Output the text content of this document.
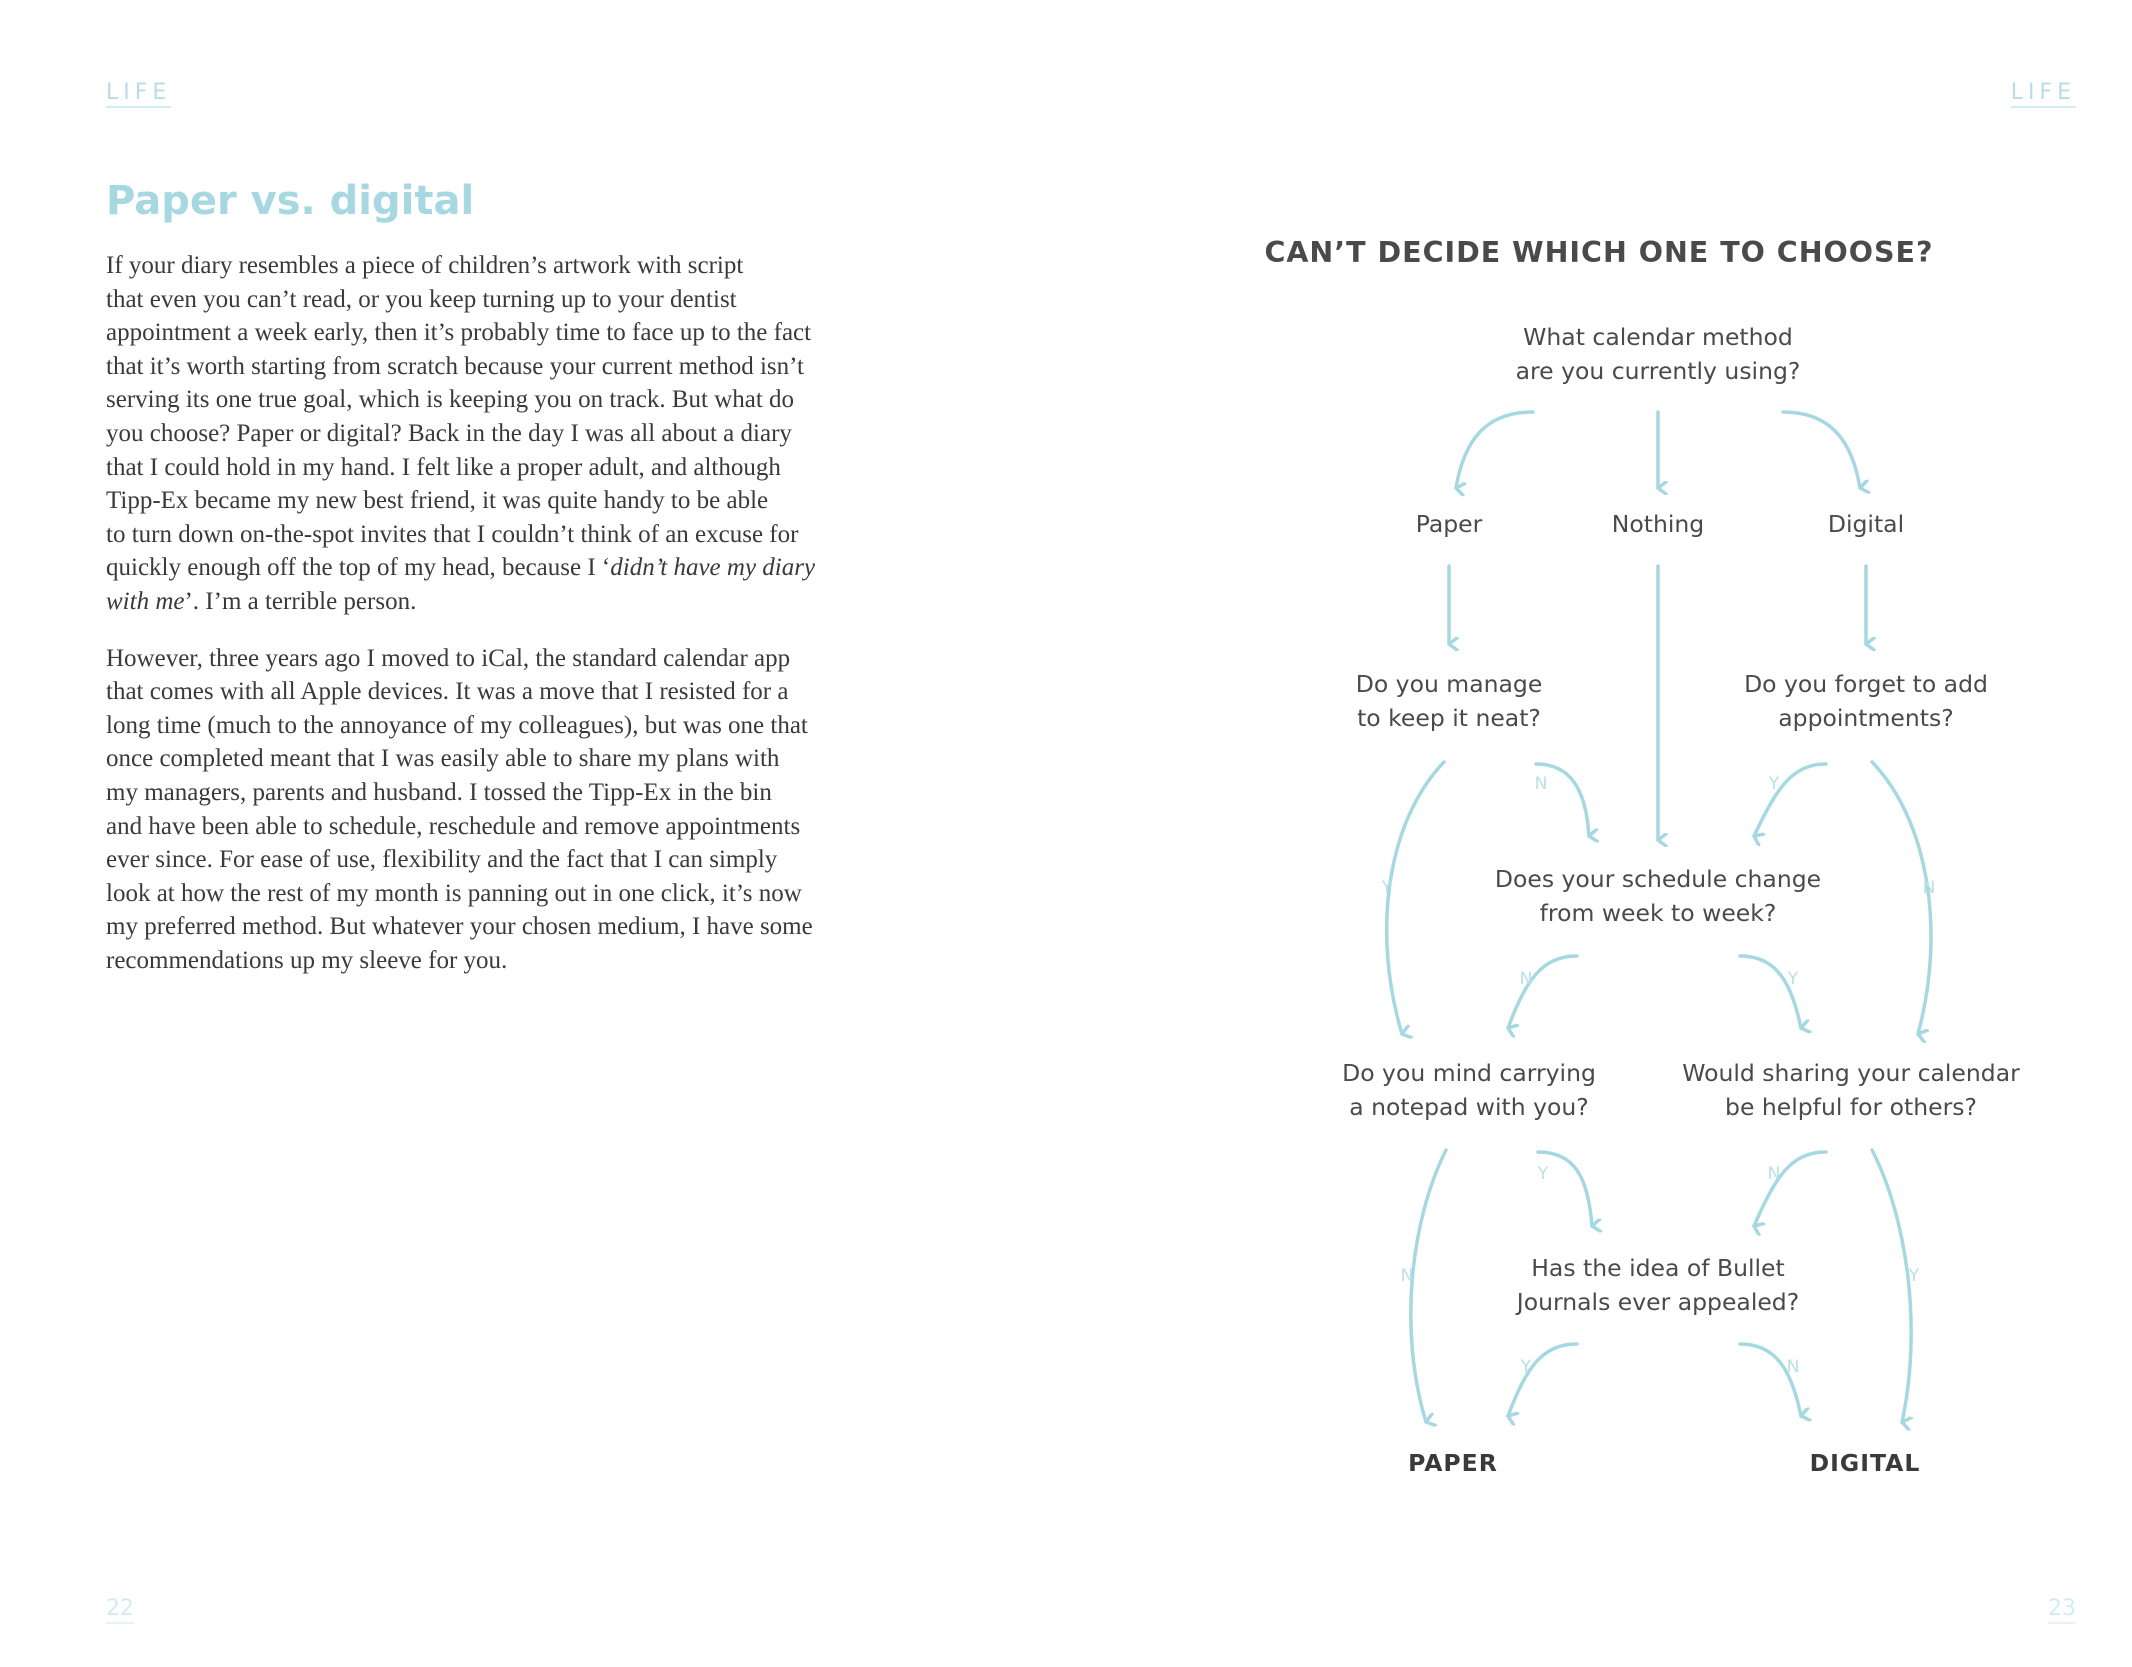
LIFE
Paper vs. digital

If your diary resembles a piece of children’s artwork with script
that even you can’t read, or you keep turning up to your dentist
appointment a week early, then it’s probably time to face up to the fact
that it’s worth starting from scratch because your current method isn’t
serving its one true goal, which is keeping you on track. But what do
you choose? Paper or digital? Back in the day I was all about a diary
that I could hold in my hand. I felt like a proper adult, and although
Tipp-Ex became my new best friend, it was quite handy to be able
to turn down on-the-spot invites that I couldn’t think of an excuse for
quickly enough off the top of my head, because I ‘didn’t have my diary
with me’. I’m a terrible person.

However, three years ago I moved to iCal, the standard calendar app
that comes with all Apple devices. It was a move that I resisted for a
long time (much to the annoyance of my colleagues), but was one that
once completed meant that I was easily able to share my plans with
my managers, parents and husband. I tossed the Tipp-Ex in the bin
and have been able to schedule, reschedule and remove appointments
ever since. For ease of use, flexibility and the fact that I can simply
look at how the rest of my month is panning out in one click, it’s now
my preferred method. But whatever your chosen medium, I have some
recommendations up my sleeve for you.

22
LIFE
CAN’T DECIDE WHICH ONE TO CHOOSE?
What calendar method
are you currently using?
Paper	Nothing	Digital
Do you manage
to keep it neat?
Do you forget to add
appointments?
Does your schedule change
from week to week?
Do you mind carrying
a notepad with you?
Would sharing your calendar
be helpful for others?
Has the idea of Bullet
Journals ever appealed?
PAPER	DIGITAL
N
Y
Y
N
N	Y
Y
N
N
Y
Y	N
23
